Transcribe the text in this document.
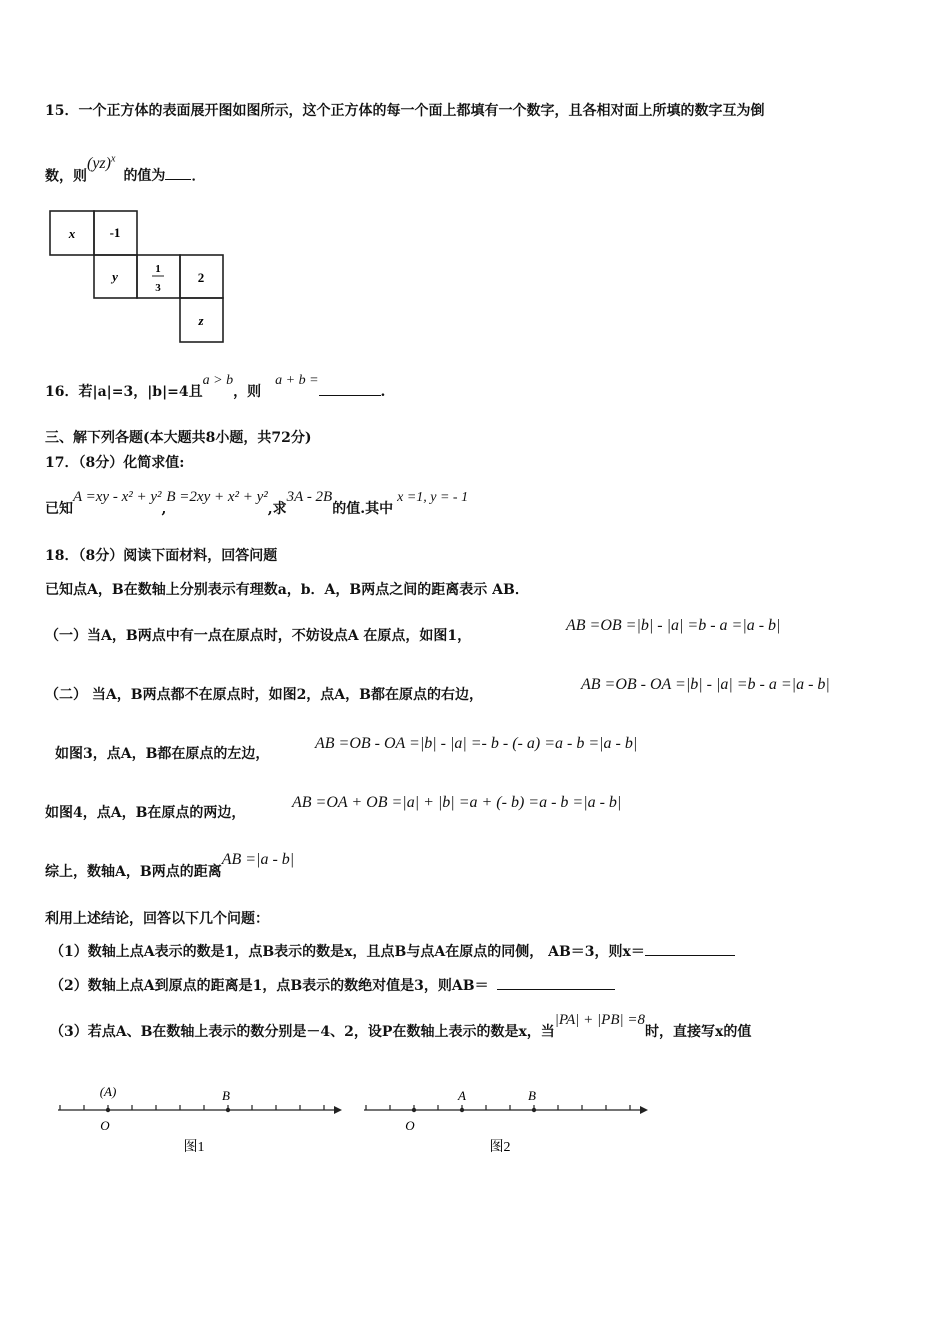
15．一个正方体的表面展开图如图所示，这个正方体的每一个面上都填有一个数字，且各相对面上所填的数字互为倒
数，则(yz)$^x$的值为 ．
x	-1
y	1
3
2
z
16．若|a|=3，|b|=4且a > b，则a + b =.
三、解下列各题(本大题共8小题，共72分)
17．（8分）化简求值:
已知A =xy - x² + y²,B =2xy + x² + y²,求3A - 2B的值.其中x =1, y = - 1
18．（8分）阅读下面材料，回答问题
已知点A，B在数轴上分别表示有理数a，b．A，B两点之间的距离表示 AB．
（一）当A，B两点中有一点在原点时，不妨设点A 在原点，如图1，
AB =OB =|b| - |a| =b - a =|a - b|
（二） 当A，B两点都不在原点时，如图2，点A，B都在原点的右边，
AB =OB - OA =|b| - |a| =b - a =|a - b|
如图3，点A，B都在原点的左边，
AB =OB - OA =|b| - |a| =- b - (- a) =a - b =|a - b|
如图4，点A，B在原点的两边，
AB =OA + OB =|a| + |b| =a + (- b) =a - b =|a - b|
综上，数轴A，B两点的距离AB =|a - b|
利用上述结论，回答以下几个问题：
（1）数轴上点A表示的数是1，点B表示的数是x，且点B与点A在原点的同侧， AB＝3，则x＝
（2）数轴上点A到原点的距离是1，点B表示的数绝对值是3，则AB＝
（3）若点A、B在数轴上表示的数分别是－4、2，设P在数轴上表示的数是x，当|PA| + |PB| =8时，直接写x的值
(A)	B
O
图1
A	B
O
图2
